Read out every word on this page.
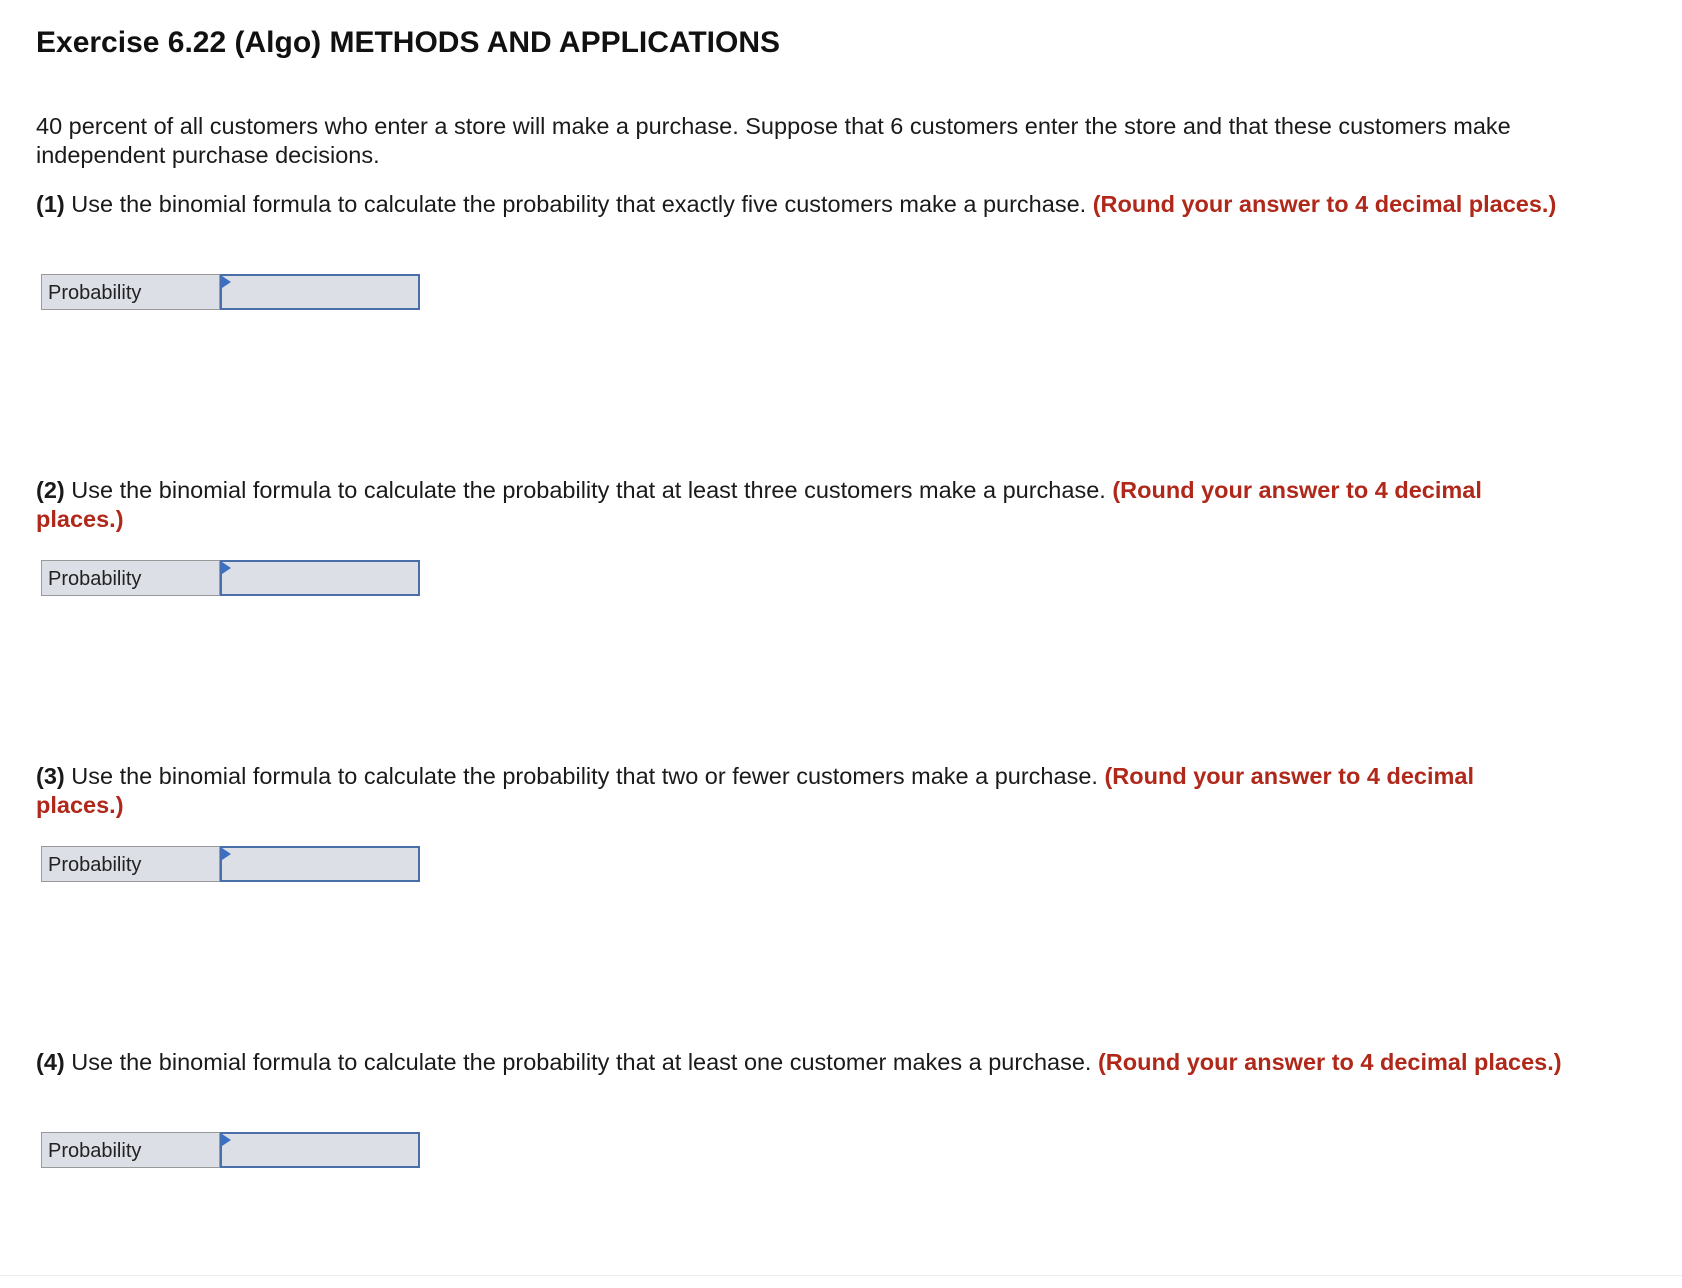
Exercise 6.22 (Algo) METHODS AND APPLICATIONS

40 percent of all customers who enter a store will make a purchase. Suppose that 6 customers enter the store and that these customers make independent purchase decisions.

(1) Use the binomial formula to calculate the probability that exactly five customers make a purchase. (Round your answer to 4 decimal places.)

Probability

(2) Use the binomial formula to calculate the probability that at least three customers make a purchase. (Round your answer to 4 decimal places.)

Probability

(3) Use the binomial formula to calculate the probability that two or fewer customers make a purchase. (Round your answer to 4 decimal places.)

Probability

(4) Use the binomial formula to calculate the probability that at least one customer makes a purchase. (Round your answer to 4 decimal places.)

Probability
